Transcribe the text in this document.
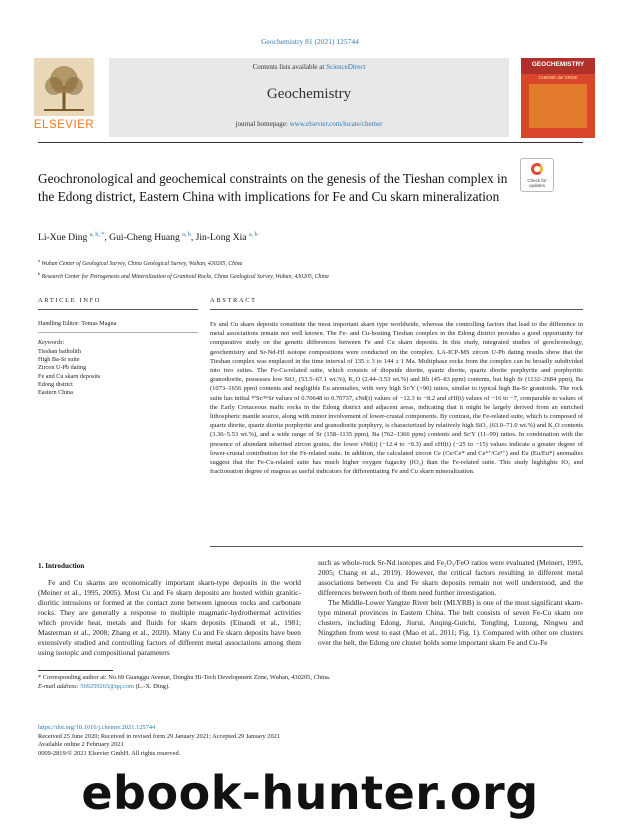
Geochemistry 81 (2021) 125744
ELSEVIER
Contents lists available at ScienceDirect
Geochemistry
journal homepage: www.elsevier.com/locate/chemer
GEOCHEMISTRY
CHEMIE der ERDE
Geochronological and geochemical constraints on the genesis of the Tieshan complex in the Edong district, Eastern China with implications for Fe and Cu skarn mineralization
Check for updates
Li-Xue Ding $^{a, b, *}$, Gui-Cheng Huang $^{a, b}$, Jin-Long Xia $^{a, b}$
$^a$ Wuhan Center of Geological Survey, China Geological Survey, Wuhan, 430205, China
$^b$ Research Center for Petrogenesis and Mineralization of Granitoid Rocks, China Geological Survey, Wuhan, 430205, China
ARTICLE INFO	ABSTRACT
Handling Editor: Tomas Magna
Keywords:
Tieshan batholith
High Ba-Sr suite
Zircon U-Pb dating
Fe and Cu skarn deposits
Edong district
Eastern China
Fe and Cu skarn deposits constitute the most important skarn type worldwide, whereas the controlling factors that lead to the difference in metal associations remain not well known. The Fe- and Cu-hosting Tieshan complex in the Edong district provides a good opportunity for comparative study on the genetic differences between Fe and Cu skarn deposits. In this study, integrated studies of geochronology, geochemistry and Sr-Nd-Hf isotope compositions were conducted on the complex. LA-ICP-MS zircon U-Pb dating results show that the Tieshan complex was emplaced in the time interval of 135 ± 3 to 144 ± 1 Ma. Multiphase rocks from the complex can be broadly subdivided into two suites. The Fe-Cu-related suite, which consists of diopside diorite, quartz diorite, quartz diorite porphyrite and porphyritic granodiorite, possesses low SiO₂ (53.5–67.1 wt.%), K₂O (2.44–3.53 wt.%) and Rb (45–83 ppm) contents, but high Sr (1132–2684 ppm), Ba (1073–1656 ppm) contents and negligible Eu anomalies, with very high Sr/Y (>90) ratios, similar to typical high Ba-Sr granitoids. The rock suite has initial ⁸⁷Sr/⁸⁶Sr values of 0.70648 to 0.70737, εNd(t) values of −12.3 to −8.2 and εHf(t) values of −16 to −7, comparable to values of the Early Cretaceous mafic rocks in the Edong district and adjacent areas, indicating that it might be largely derived from an enriched lithospheric mantle source, along with minor involvement of lower-crustal components. By contrast, the Fe-related suite, which is composed of quartz diorite, quartz diorite porphyrite and granodiorite porphyry, is characterized by relatively high SiO₂ (63.0–71.0 wt.%) and K₂O contents (3.36–5.53 wt.%), and a wide range of Sr (158–1135 ppm), Ba (762–1366 ppm) contents and Sr/Y (11–99) ratios. In combination with the presence of abundant inherited zircon grains, the lower εNd(t) (−12.4 to −9.3) and εHf(t) (−25 to −15) values indicate a greater degree of lower-crustal contribution for the Fe-related suite. In addition, the calculated zircon Ce (Ce/Ce* and Ce⁴⁺/Ce³⁺) and Eu (Eu/Eu*) anomalies suggest that the Fe-Cu-related suite has much higher oxygen fugacity (fO₂) than the Fe-related suite. This study highlights fO₂ and fractionation degree of magma as useful indicators for differentiating Fe and Cu skarn mineralization.
1. Introduction
Fe and Cu skarns are economically important skarn-type deposits in the world (Meiner et al., 1995, 2005). Most Cu and Fe skarn deposits are hosted within granitic-dioritic intrusions or formed at the contact zone between igneous rocks and carbonate rocks. They are generally a response to multiple magmatic-hydrothermal activities which provide heat, metals and fluids for skarn deposits (Einaudi et al., 1981; Masterman et al., 2008; Zhang et al., 2020). Many Cu and Fe skarn deposits have been extensively studied and controlling factors of different metal associations among them using isotopic and compositional parameters
such as whole-rock Sr-Nd isotopes and Fe₂O₃/FeO ratios were evaluated (Meinert, 1995, 2005; Chang et al., 2019). However, the critical factors resulting in different metal associations between Cu and Fe skarn deposits remain not well understood, and the differences between both of them need further investigation.
The Middle-Lower Yangtze River belt (MLYRB) is one of the most significant skarn-type mineral provinces in Eastern China. The belt consists of seven Fe-Cu skarn ore clusters, including Edong, Jiurui, Anqing-Guichi, Tongling, Luzong, Ningwu and Ningzhen from west to east (Mao et al., 2011; Fig. 1). Compared with other ore clusters over the belt, the Edong ore cluster holds some important skarn Fe and Cu-Fe
* Corresponding author at: No.69 Guanggu Avenue, Donghu Hi-Tech Development Zone, Wuhan, 430205, China.
E-mail address: 569259265@qq.com (L.-X. Ding).
https://doi.org/10.1016/j.chemer.2021.125744
Received 25 June 2020; Received in revised form 29 January 2021; Accepted 29 January 2021
Available online 2 February 2021
0009-2819/© 2021 Elsevier GmbH. All rights reserved.
ebook-hunter.org
